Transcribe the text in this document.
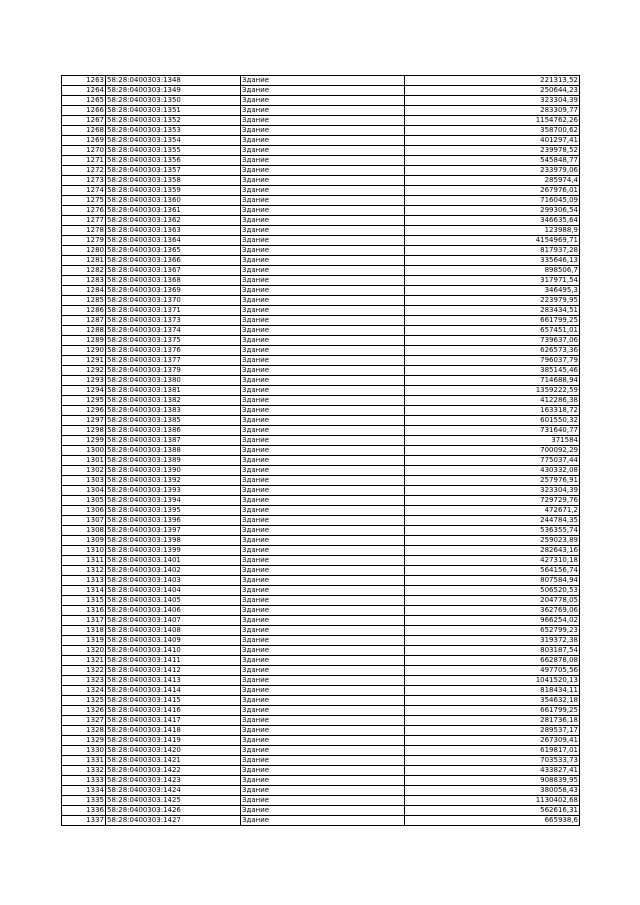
1263	58:28:0400303:1348	Здание	221313,52
1264	58:28:0400303:1349	Здание	250644,23
1265	58:28:0400303:1350	Здание	323304,39
1266	58:28:0400303:1351	Здание	283309,77
1267	58:28:0400303:1352	Здание	1154762,26
1268	58:28:0400303:1353	Здание	358700,62
1269	58:28:0400303:1354	Здание	401297,41
1270	58:28:0400303:1355	Здание	239978,52
1271	58:28:0400303:1356	Здание	545848,77
1272	58:28:0400303:1357	Здание	233979,06
1273	58:28:0400303:1358	Здание	285974,4
1274	58:28:0400303:1359	Здание	267976,01
1275	58:28:0400303:1360	Здание	716045,09
1276	58:28:0400303:1361	Здание	299306,54
1277	58:28:0400303:1362	Здание	346635,64
1278	58:28:0400303:1363	Здание	123988,9
1279	58:28:0400303:1364	Здание	4154969,71
1280	58:28:0400303:1365	Здание	817937,28
1281	58:28:0400303:1366	Здание	335646,13
1282	58:28:0400303:1367	Здание	898506,7
1283	58:28:0400303:1368	Здание	317971,54
1284	58:28:0400303:1369	Здание	346495,3
1285	58:28:0400303:1370	Здание	223979,95
1286	58:28:0400303:1371	Здание	283434,51
1287	58:28:0400303:1373	Здание	661799,25
1288	58:28:0400303:1374	Здание	657451,01
1289	58:28:0400303:1375	Здание	739637,06
1290	58:28:0400303:1376	Здание	626573,36
1291	58:28:0400303:1377	Здание	796037,79
1292	58:28:0400303:1379	Здание	385145,46
1293	58:28:0400303:1380	Здание	714688,94
1294	58:28:0400303:1381	Здание	1359222,59
1295	58:28:0400303:1382	Здание	412286,38
1296	58:28:0400303:1383	Здание	163318,72
1297	58:28:0400303:1385	Здание	601550,32
1298	58:28:0400303:1386	Здание	731640,77
1299	58:28:0400303:1387	Здание	371584
1300	58:28:0400303:1388	Здание	700092,29
1301	58:28:0400303:1389	Здание	775037,44
1302	58:28:0400303:1390	Здание	430332,08
1303	58:28:0400303:1392	Здание	257976,91
1304	58:28:0400303:1393	Здание	323304,39
1305	58:28:0400303:1394	Здание	729729,76
1306	58:28:0400303:1395	Здание	472671,2
1307	58:28:0400303:1396	Здание	244784,35
1308	58:28:0400303:1397	Здание	536355,74
1309	58:28:0400303:1398	Здание	259023,89
1310	58:28:0400303:1399	Здание	282643,16
1311	58:28:0400303:1401	Здание	427310,18
1312	58:28:0400303:1402	Здание	564156,74
1313	58:28:0400303:1403	Здание	807584,94
1314	58:28:0400303:1404	Здание	506520,53
1315	58:28:0400303:1405	Здание	204778,05
1316	58:28:0400303:1406	Здание	362769,06
1317	58:28:0400303:1407	Здание	966254,02
1318	58:28:0400303:1408	Здание	652799,23
1319	58:28:0400303:1409	Здание	319372,38
1320	58:28:0400303:1410	Здание	803187,54
1321	58:28:0400303:1411	Здание	662878,08
1322	58:28:0400303:1412	Здание	497705,56
1323	58:28:0400303:1413	Здание	1041520,13
1324	58:28:0400303:1414	Здание	818434,11
1325	58:28:0400303:1415	Здание	354632,18
1326	58:28:0400303:1416	Здание	661799,25
1327	58:28:0400303:1417	Здание	281736,18
1328	58:28:0400303:1418	Здание	289537,17
1329	58:28:0400303:1419	Здание	267309,41
1330	58:28:0400303:1420	Здание	619817,01
1331	58:28:0400303:1421	Здание	703533,73
1332	58:28:0400303:1422	Здание	433827,41
1333	58:28:0400303:1423	Здание	908839,95
1334	58:28:0400303:1424	Здание	380058,43
1335	58:28:0400303:1425	Здание	1130402,68
1336	58:28:0400303:1426	Здание	562616,31
1337	58:28:0400303:1427	Здание	665938,6
